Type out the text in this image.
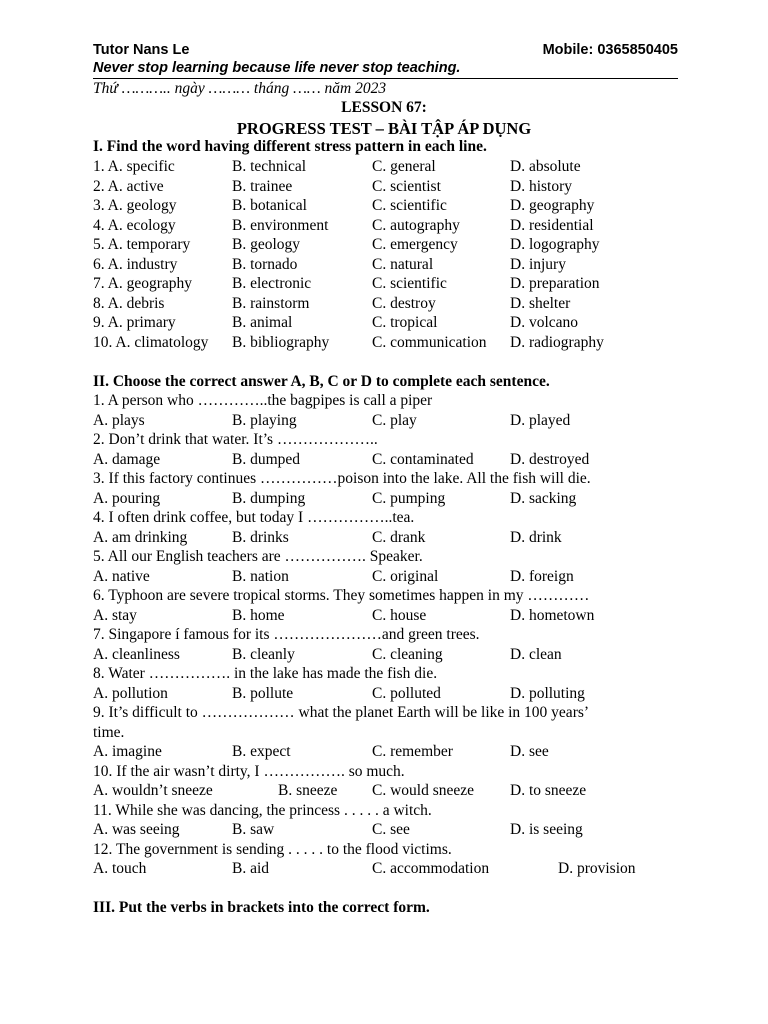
Tutor Nans Le	Mobile: 0365850405
Never stop learning because life never stop teaching.
Thứ ……….. ngày ……… tháng …… năm 2023
LESSON 67:
PROGRESS TEST – BÀI TẬP ÁP DỤNG
I. Find the word having different stress pattern in each line.
1. A. specific	B. technical	C. general	D. absolute
2. A. active	B. trainee	C. scientist	D. history
3. A. geology	B. botanical	C. scientific	D. geography
4. A. ecology	B. environment	C. autography	D. residential
5. A. temporary	B. geology	C. emergency	D. logography
6. A. industry	B. tornado	C. natural	D. injury
7. A. geography	B. electronic	C. scientific	D. preparation
8. A. debris	B. rainstorm	C. destroy	D. shelter
9. A. primary	B. animal	C. tropical	D. volcano
10. A. climatology B. bibliography	C. communication D. radiography
II. Choose the correct answer A, B, C or D to complete each sentence.
1. A person who …………..the bagpipes is call a piper
A. plays	B. playing	C. play	D. played
2. Don’t drink that water. It’s ………………..
A. damage	B. dumped	C. contaminated D. destroyed
3. If this factory continues ……………poison into the lake. All the fish will die.
A. pouring	B. dumping	C. pumping	D. sacking
4. I often drink coffee, but today I ……………..tea.
A. am drinking	B. drinks	C. drank	D. drink
5. All our English teachers are ……………. Speaker.
A. native	B. nation	C. original	D. foreign
6. Typhoon are severe tropical storms. They sometimes happen in my …………
A. stay	B. home	C. house	D. hometown
7. Singapore í famous for its …………………and green trees.
A. cleanliness	B. cleanly	C. cleaning	D. clean
8. Water ……………. in the lake has made the fish die.
A. pollution	B. pollute	C. polluted	D. polluting
9. It’s difficult to ……………… what the planet Earth will be like in 100 years’
time.
A. imagine	B. expect	C. remember	D. see
10. If the air wasn’t dirty, I ……………. so much.
A. wouldn’t sneeze	B. sneeze C. would sneeze D. to sneeze
11. While she was dancing, the princess . . . . . a witch.
A. was seeing	B. saw	C. see	D. is seeing
12. The government is sending . . . . . to the flood victims.
A. touch	B. aid	C. accommodation	D. provision
III. Put the verbs in brackets into the correct form.
